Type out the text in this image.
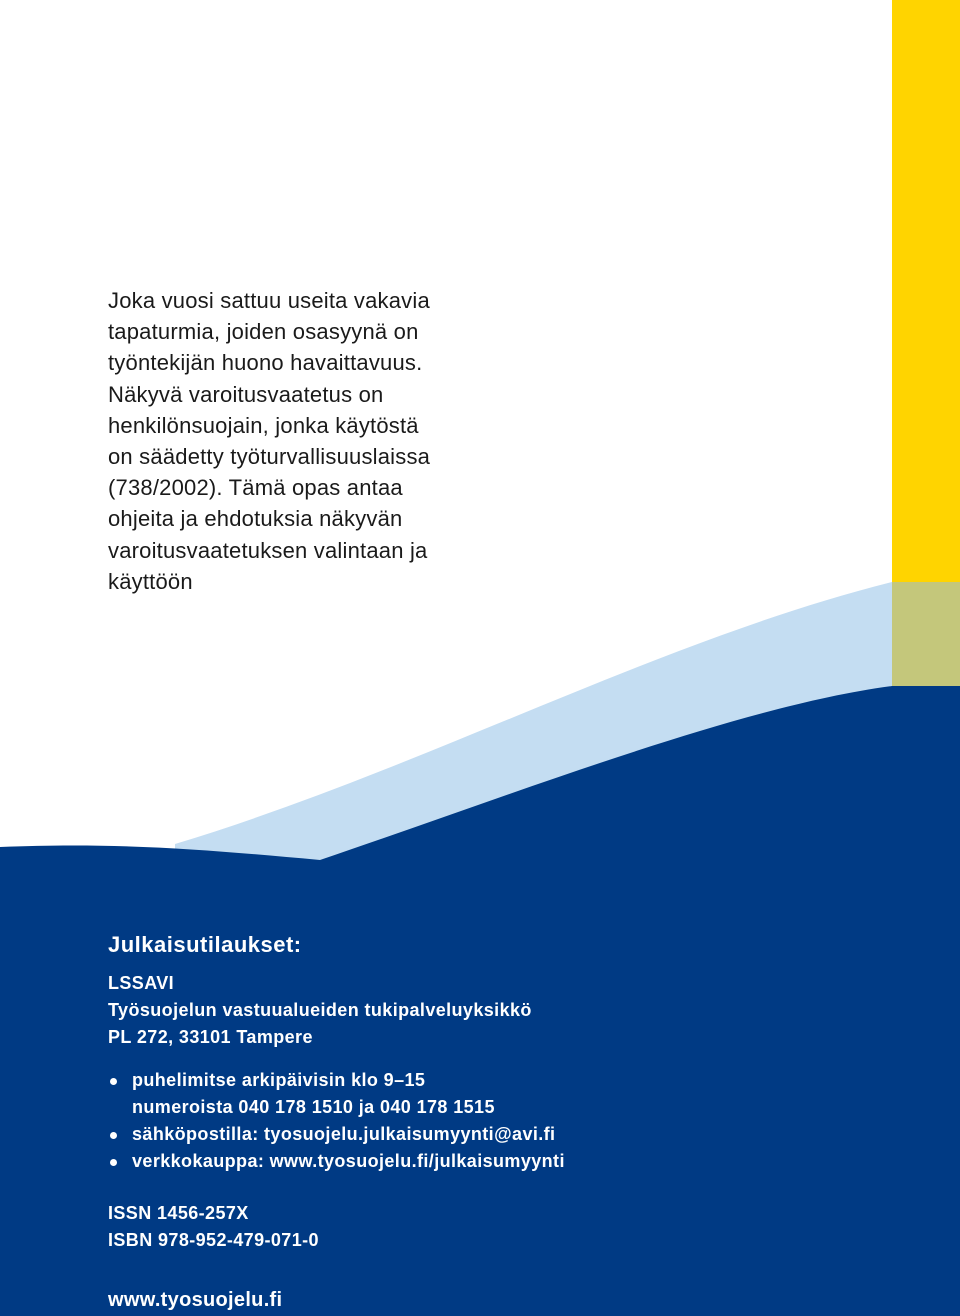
Joka vuosi sattuu useita vakavia
tapaturmia, joiden osasyynä on
työntekijän huono havaittavuus.
Näkyvä varoitusvaatetus on
henkilönsuojain, jonka käytöstä
on säädetty työturvallisuuslaissa
(738/2002). Tämä opas antaa
ohjeita ja ehdotuksia näkyvän
varoitusvaatetuksen valintaan ja
käyttöön

Julkaisutilaukset:

LSSAVI

Työsuojelun vastuualueiden tukipalveluyksikkö

PL 272, 33101 Tampere

puhelimitse arkipäivisin klo 9–15
numeroista 040 178 1510 ja 040 178 1515
sähköpostilla: tyosuojelu.julkaisumyynti@avi.fi
verkkokauppa: www.tyosuojelu.fi/julkaisumyynti

ISSN 1456-257X

ISBN 978-952-479-071-0

www.tyosuojelu.fi
